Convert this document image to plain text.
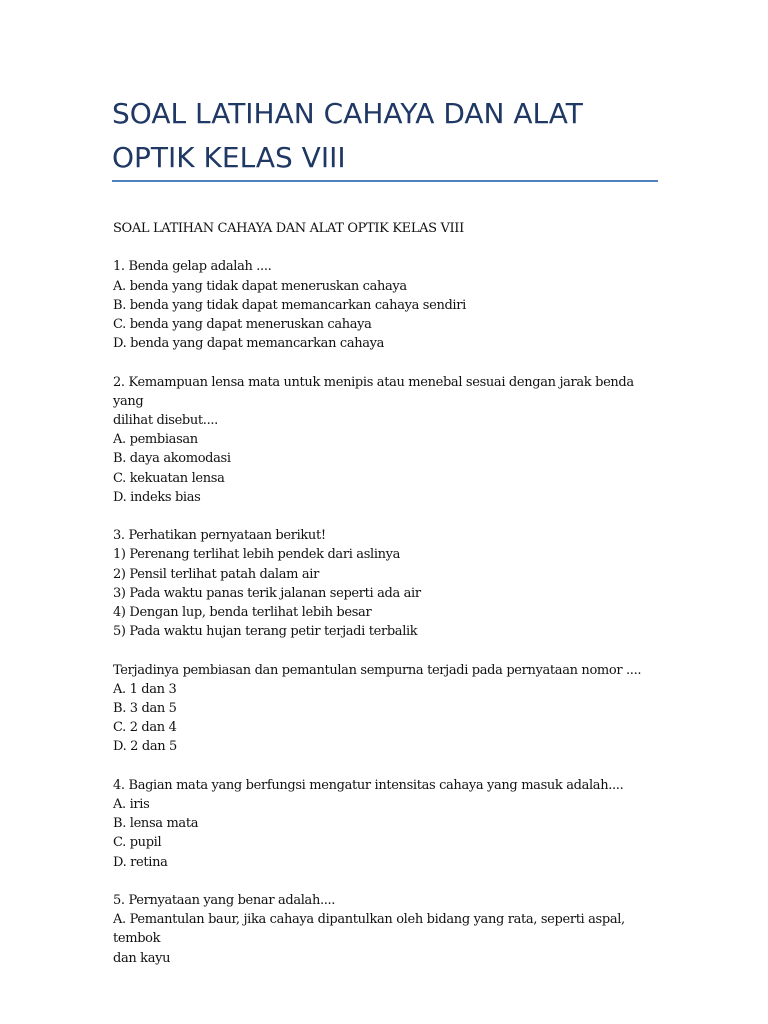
SOAL LATIHAN CAHAYA DAN ALAT OPTIK KELAS VIII
SOAL LATIHAN CAHAYA DAN ALAT OPTIK KELAS VIII
1. Benda gelap adalah ....
A. benda yang tidak dapat meneruskan cahaya
B. benda yang tidak dapat memancarkan cahaya sendiri
C. benda yang dapat meneruskan cahaya
D. benda yang dapat memancarkan cahaya
2. Kemampuan lensa mata untuk menipis atau menebal sesuai dengan jarak benda yang
dilihat disebut....
A. pembiasan
B. daya akomodasi
C. kekuatan lensa
D. indeks bias
3. Perhatikan pernyataan berikut!
1) Perenang terlihat lebih pendek dari aslinya
2) Pensil terlihat patah dalam air
3) Pada waktu panas terik jalanan seperti ada air
4) Dengan lup, benda terlihat lebih besar
5) Pada waktu hujan terang petir terjadi terbalik
Terjadinya pembiasan dan pemantulan sempurna terjadi pada pernyataan nomor ....
A. 1 dan 3
B. 3 dan 5
C. 2 dan 4
D. 2 dan 5
4. Bagian mata yang berfungsi mengatur intensitas cahaya yang masuk adalah....
A. iris
B. lensa mata
C. pupil
D. retina
5. Pernyataan yang benar adalah....
A. Pemantulan baur, jika cahaya dipantulkan oleh bidang yang rata, seperti aspal, tembok
dan kayu
